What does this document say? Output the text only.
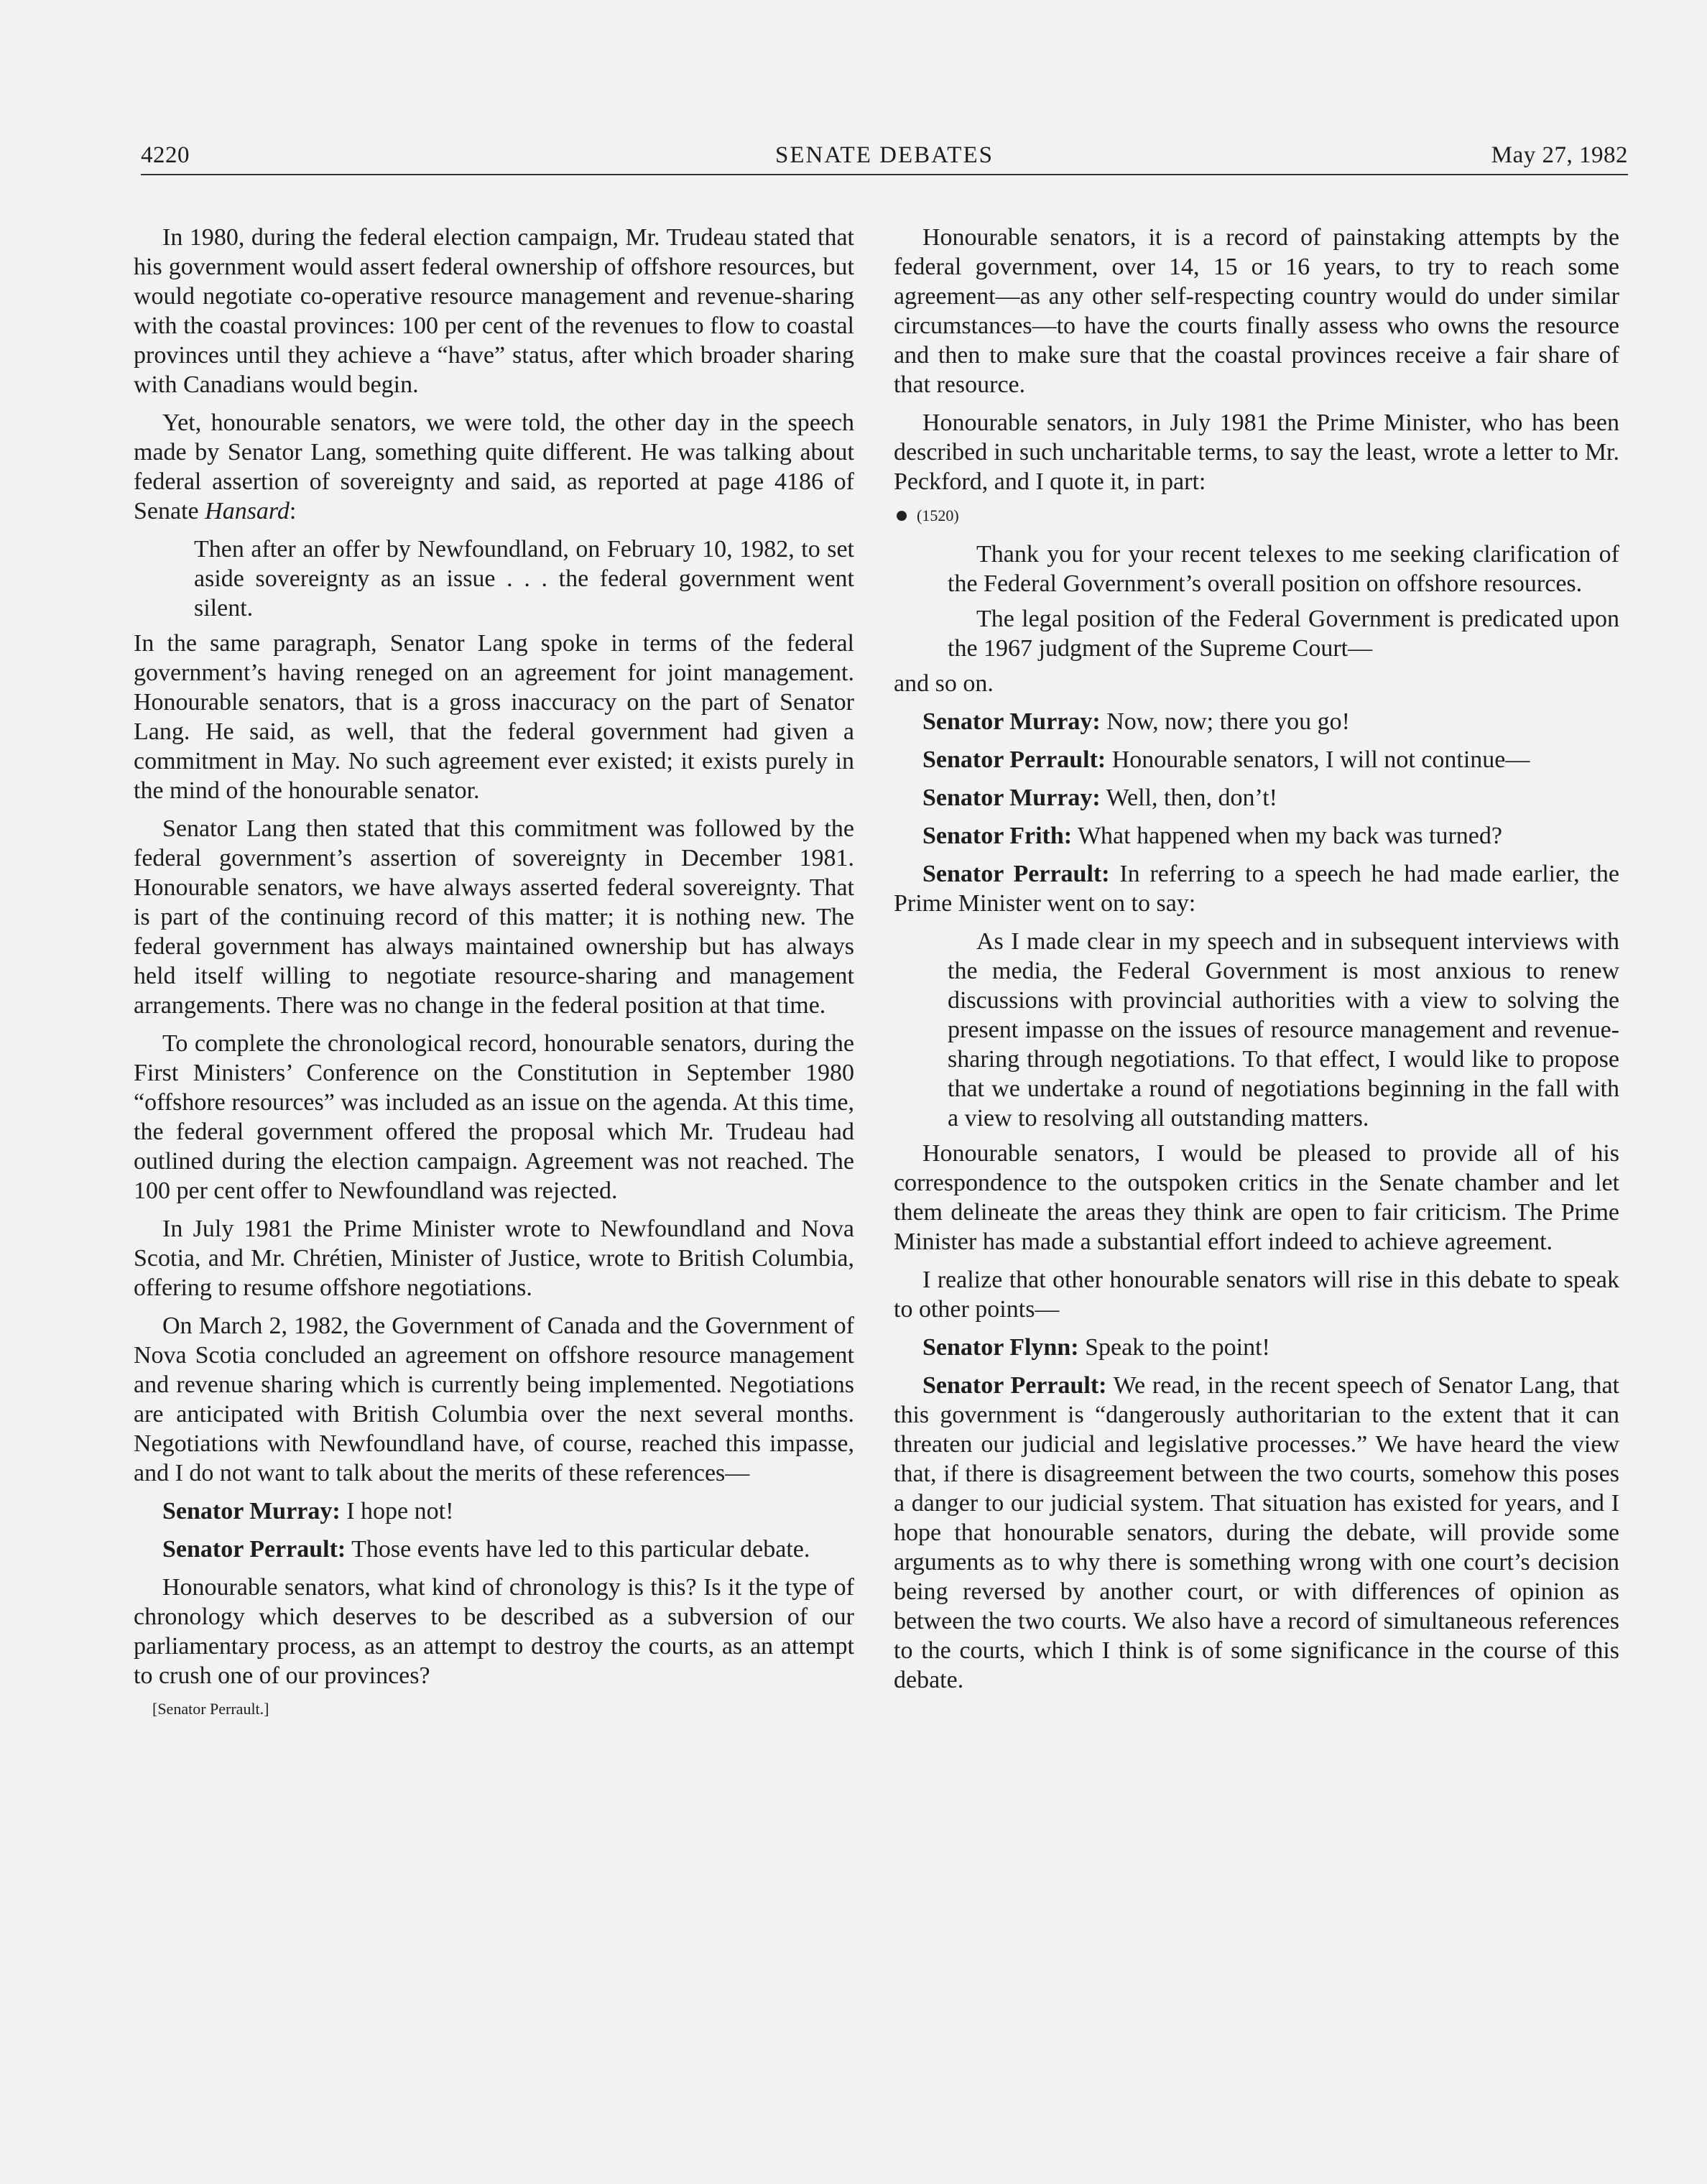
4220	SENATE DEBATES	May 27, 1982

In 1980, during the federal election campaign, Mr. Trudeau stated that his government would assert federal ownership of offshore resources, but would negotiate co-operative resource management and revenue-sharing with the coastal provinces: 100 per cent of the revenues to flow to coastal provinces until they achieve a “have” status, after which broader sharing with Canadians would begin.

Yet, honourable senators, we were told, the other day in the speech made by Senator Lang, something quite different. He was talking about federal assertion of sovereignty and said, as reported at page 4186 of Senate Hansard:

Then after an offer by Newfoundland, on February 10, 1982, to set aside sovereignty as an issue . . . the federal government went silent.

In the same paragraph, Senator Lang spoke in terms of the federal government’s having reneged on an agreement for joint management. Honourable senators, that is a gross inaccuracy on the part of Senator Lang. He said, as well, that the federal government had given a commitment in May. No such agreement ever existed; it exists purely in the mind of the honourable senator.

Senator Lang then stated that this commitment was followed by the federal government’s assertion of sovereignty in December 1981. Honourable senators, we have always asserted federal sovereignty. That is part of the continuing record of this matter; it is nothing new. The federal government has always maintained ownership but has always held itself willing to negotiate resource-sharing and management arrangements. There was no change in the federal position at that time.

To complete the chronological record, honourable senators, during the First Ministers’ Conference on the Constitution in September 1980 “offshore resources” was included as an issue on the agenda. At this time, the federal government offered the proposal which Mr. Trudeau had outlined during the election campaign. Agreement was not reached. The 100 per cent offer to Newfoundland was rejected.

In July 1981 the Prime Minister wrote to Newfoundland and Nova Scotia, and Mr. Chrétien, Minister of Justice, wrote to British Columbia, offering to resume offshore negotiations.

On March 2, 1982, the Government of Canada and the Government of Nova Scotia concluded an agreement on offshore resource management and revenue sharing which is currently being implemented. Negotiations are anticipated with British Columbia over the next several months. Negotiations with Newfoundland have, of course, reached this impasse, and I do not want to talk about the merits of these references—

Senator Murray: I hope not!

Senator Perrault: Those events have led to this particular debate.

Honourable senators, what kind of chronology is this? Is it the type of chronology which deserves to be described as a subversion of our parliamentary process, as an attempt to destroy the courts, as an attempt to crush one of our provinces?

[Senator Perrault.]

Honourable senators, it is a record of painstaking attempts by the federal government, over 14, 15 or 16 years, to try to reach some agreement—as any other self-respecting country would do under similar circumstances—to have the courts finally assess who owns the resource and then to make sure that the coastal provinces receive a fair share of that resource.

Honourable senators, in July 1981 the Prime Minister, who has been described in such uncharitable terms, to say the least, wrote a letter to Mr. Peckford, and I quote it, in part:

(1520)

Thank you for your recent telexes to me seeking clarification of the Federal Government’s overall position on offshore resources.

The legal position of the Federal Government is predicated upon the 1967 judgment of the Supreme Court—

and so on.

Senator Murray: Now, now; there you go!

Senator Perrault: Honourable senators, I will not continue—

Senator Murray: Well, then, don’t!

Senator Frith: What happened when my back was turned?

Senator Perrault: In referring to a speech he had made earlier, the Prime Minister went on to say:

As I made clear in my speech and in subsequent interviews with the media, the Federal Government is most anxious to renew discussions with provincial authorities with a view to solving the present impasse on the issues of resource management and revenue-sharing through negotiations. To that effect, I would like to propose that we undertake a round of negotiations beginning in the fall with a view to resolving all outstanding matters.

Honourable senators, I would be pleased to provide all of his correspondence to the outspoken critics in the Senate chamber and let them delineate the areas they think are open to fair criticism. The Prime Minister has made a substantial effort indeed to achieve agreement.

I realize that other honourable senators will rise in this debate to speak to other points—

Senator Flynn: Speak to the point!

Senator Perrault: We read, in the recent speech of Senator Lang, that this government is “dangerously authoritarian to the extent that it can threaten our judicial and legislative processes.” We have heard the view that, if there is disagreement between the two courts, somehow this poses a danger to our judicial system. That situation has existed for years, and I hope that honourable senators, during the debate, will provide some arguments as to why there is something wrong with one court’s decision being reversed by another court, or with differences of opinion as between the two courts. We also have a record of simultaneous references to the courts, which I think is of some significance in the course of this debate.
